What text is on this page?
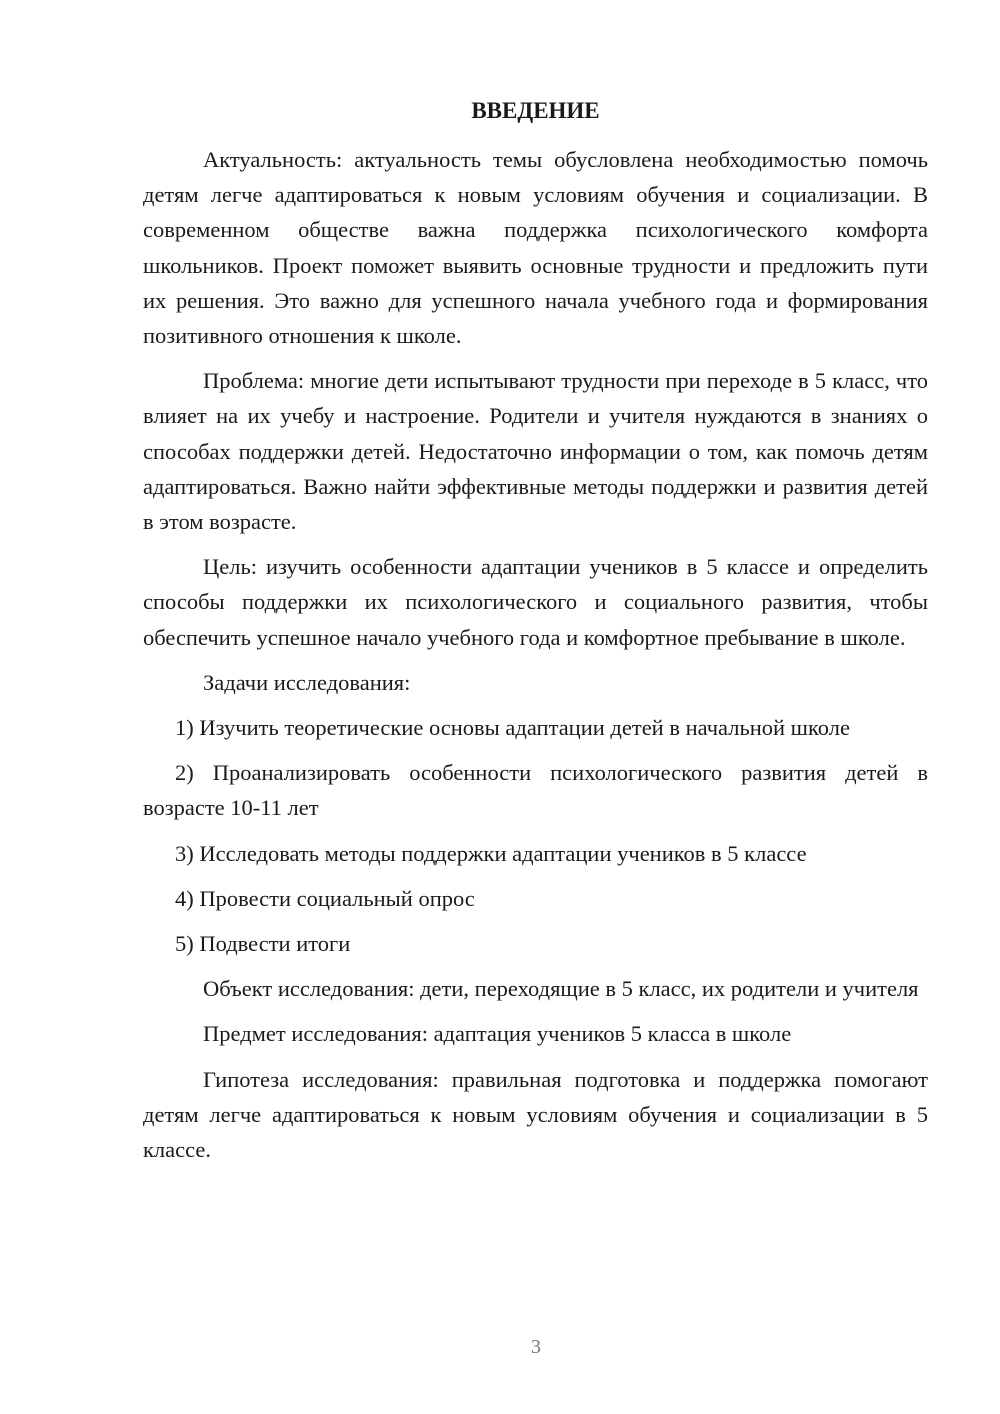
ВВЕДЕНИЕ

Актуальность: актуальность темы обусловлена необходимостью помочь детям легче адаптироваться к новым условиям обучения и социализации. В современном обществе важна поддержка психологического комфорта школьников. Проект поможет выявить основные трудности и предложить пути их решения. Это важно для успешного начала учебного года и формирования позитивного отношения к школе.

Проблема: многие дети испытывают трудности при переходе в 5 класс, что влияет на их учебу и настроение. Родители и учителя нуждаются в знаниях о способах поддержки детей. Недостаточно информации о том, как помочь детям адаптироваться. Важно найти эффективные методы поддержки и развития детей в этом возрасте.

Цель: изучить особенности адаптации учеников в 5 классе и определить способы поддержки их психологического и социального развития, чтобы обеспечить успешное начало учебного года и комфортное пребывание в школе.

Задачи исследования:

1) Изучить теоретические основы адаптации детей в начальной школе

2) Проанализировать особенности психологического развития детей в возрасте 10-11 лет

3) Исследовать методы поддержки адаптации учеников в 5 классе

4) Провести социальный опрос

5) Подвести итоги

Объект исследования: дети, переходящие в 5 класс, их родители и учителя

Предмет исследования: адаптация учеников 5 класса в школе

Гипотеза исследования: правильная подготовка и поддержка помогают детям легче адаптироваться к новым условиям обучения и социализации в 5 классе.

3
